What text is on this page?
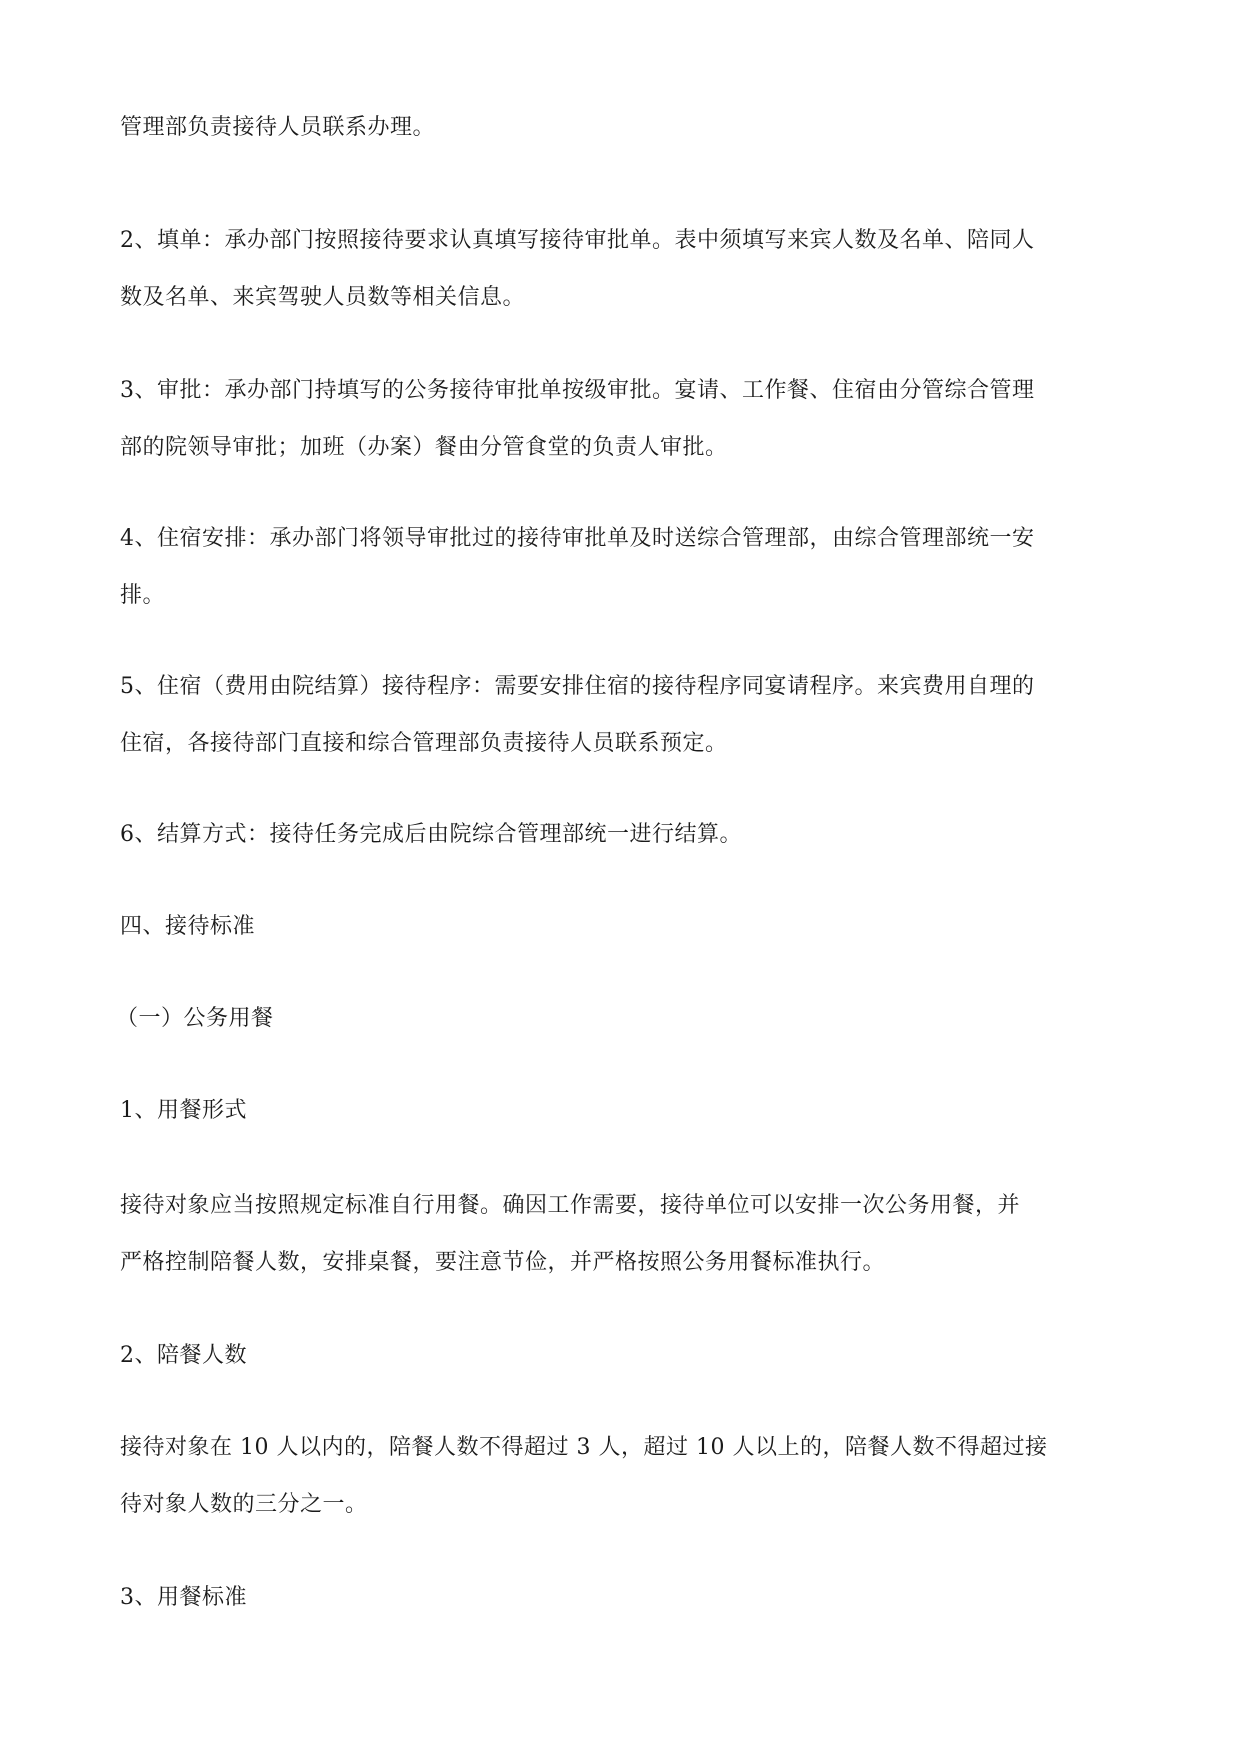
管理部负责接待人员联系办理。

2、填单：承办部门按照接待要求认真填写接待审批单。表中须填写来宾人数及名单、陪同人
数及名单、来宾驾驶人员数等相关信息。

3、审批：承办部门持填写的公务接待审批单按级审批。宴请、工作餐、住宿由分管综合管理
部的院领导审批；加班（办案）餐由分管食堂的负责人审批。

4、住宿安排：承办部门将领导审批过的接待审批单及时送综合管理部，由综合管理部统一安
排。

5、住宿（费用由院结算）接待程序：需要安排住宿的接待程序同宴请程序。来宾费用自理的
住宿，各接待部门直接和综合管理部负责接待人员联系预定。

6、结算方式：接待任务完成后由院综合管理部统一进行结算。

四、接待标准

（一）公务用餐

1、用餐形式

接待对象应当按照规定标准自行用餐。确因工作需要，接待单位可以安排一次公务用餐，并
严格控制陪餐人数，安排桌餐，要注意节俭，并严格按照公务用餐标准执行。

2、陪餐人数

接待对象在 10 人以内的，陪餐人数不得超过 3 人，超过 10 人以上的，陪餐人数不得超过接
待对象人数的三分之一。

3、用餐标准
